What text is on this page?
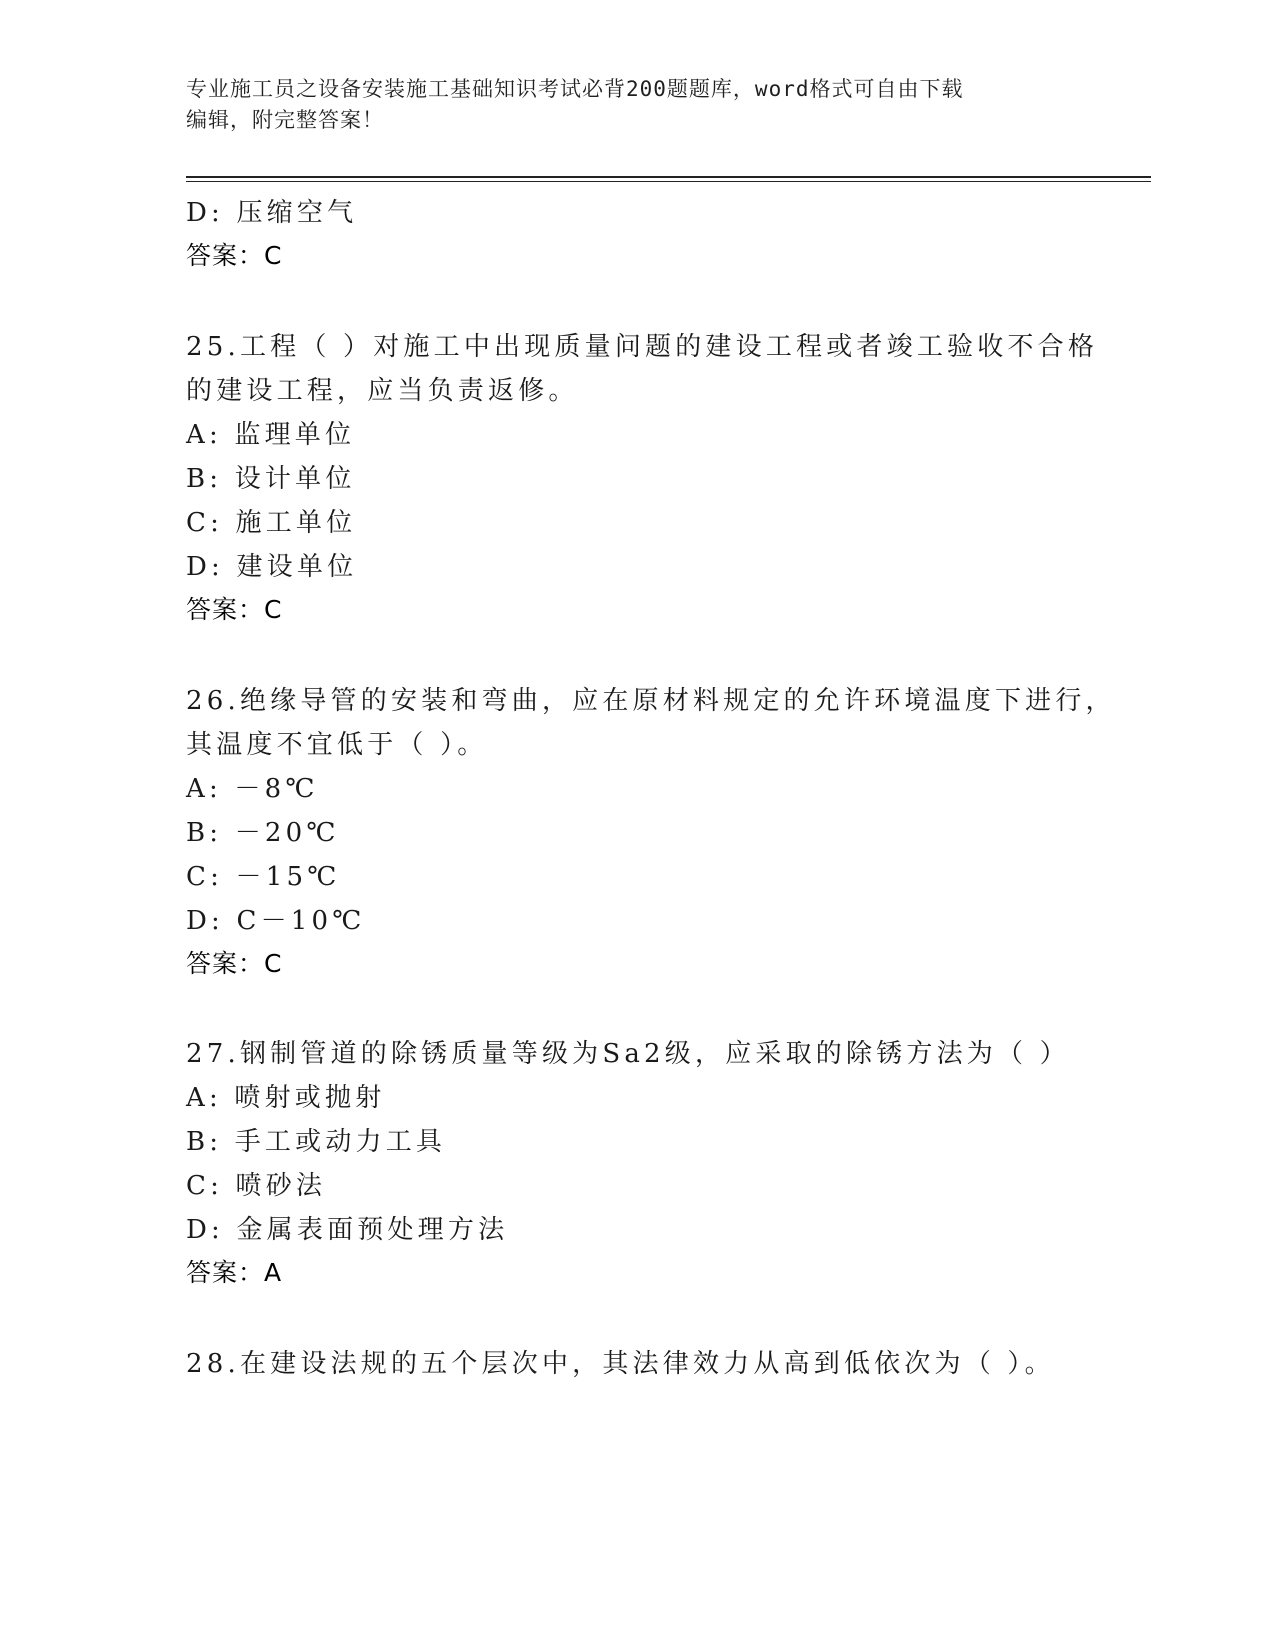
专业施工员之设备安装施工基础知识考试必背200题题库，word格式可自由下载
编辑，附完整答案！
D: 压缩空气
答案：C
25.工程（ ）对施工中出现质量问题的建设工程或者竣工验收不合格
的建设工程，应当负责返修。
A: 监理单位
B: 设计单位
C: 施工单位
D: 建设单位
答案：C
26.绝缘导管的安装和弯曲，应在原材料规定的允许环境温度下进行，
其温度不宜低于（ ）。
A: －8℃
B: －20℃
C: －15℃
D: C－10℃
答案：C
27.钢制管道的除锈质量等级为Sa2级，应采取的除锈方法为（ ）
A: 喷射或抛射
B: 手工或动力工具
C: 喷砂法
D: 金属表面预处理方法
答案：A
28.在建设法规的五个层次中，其法律效力从高到低依次为（ ）。
